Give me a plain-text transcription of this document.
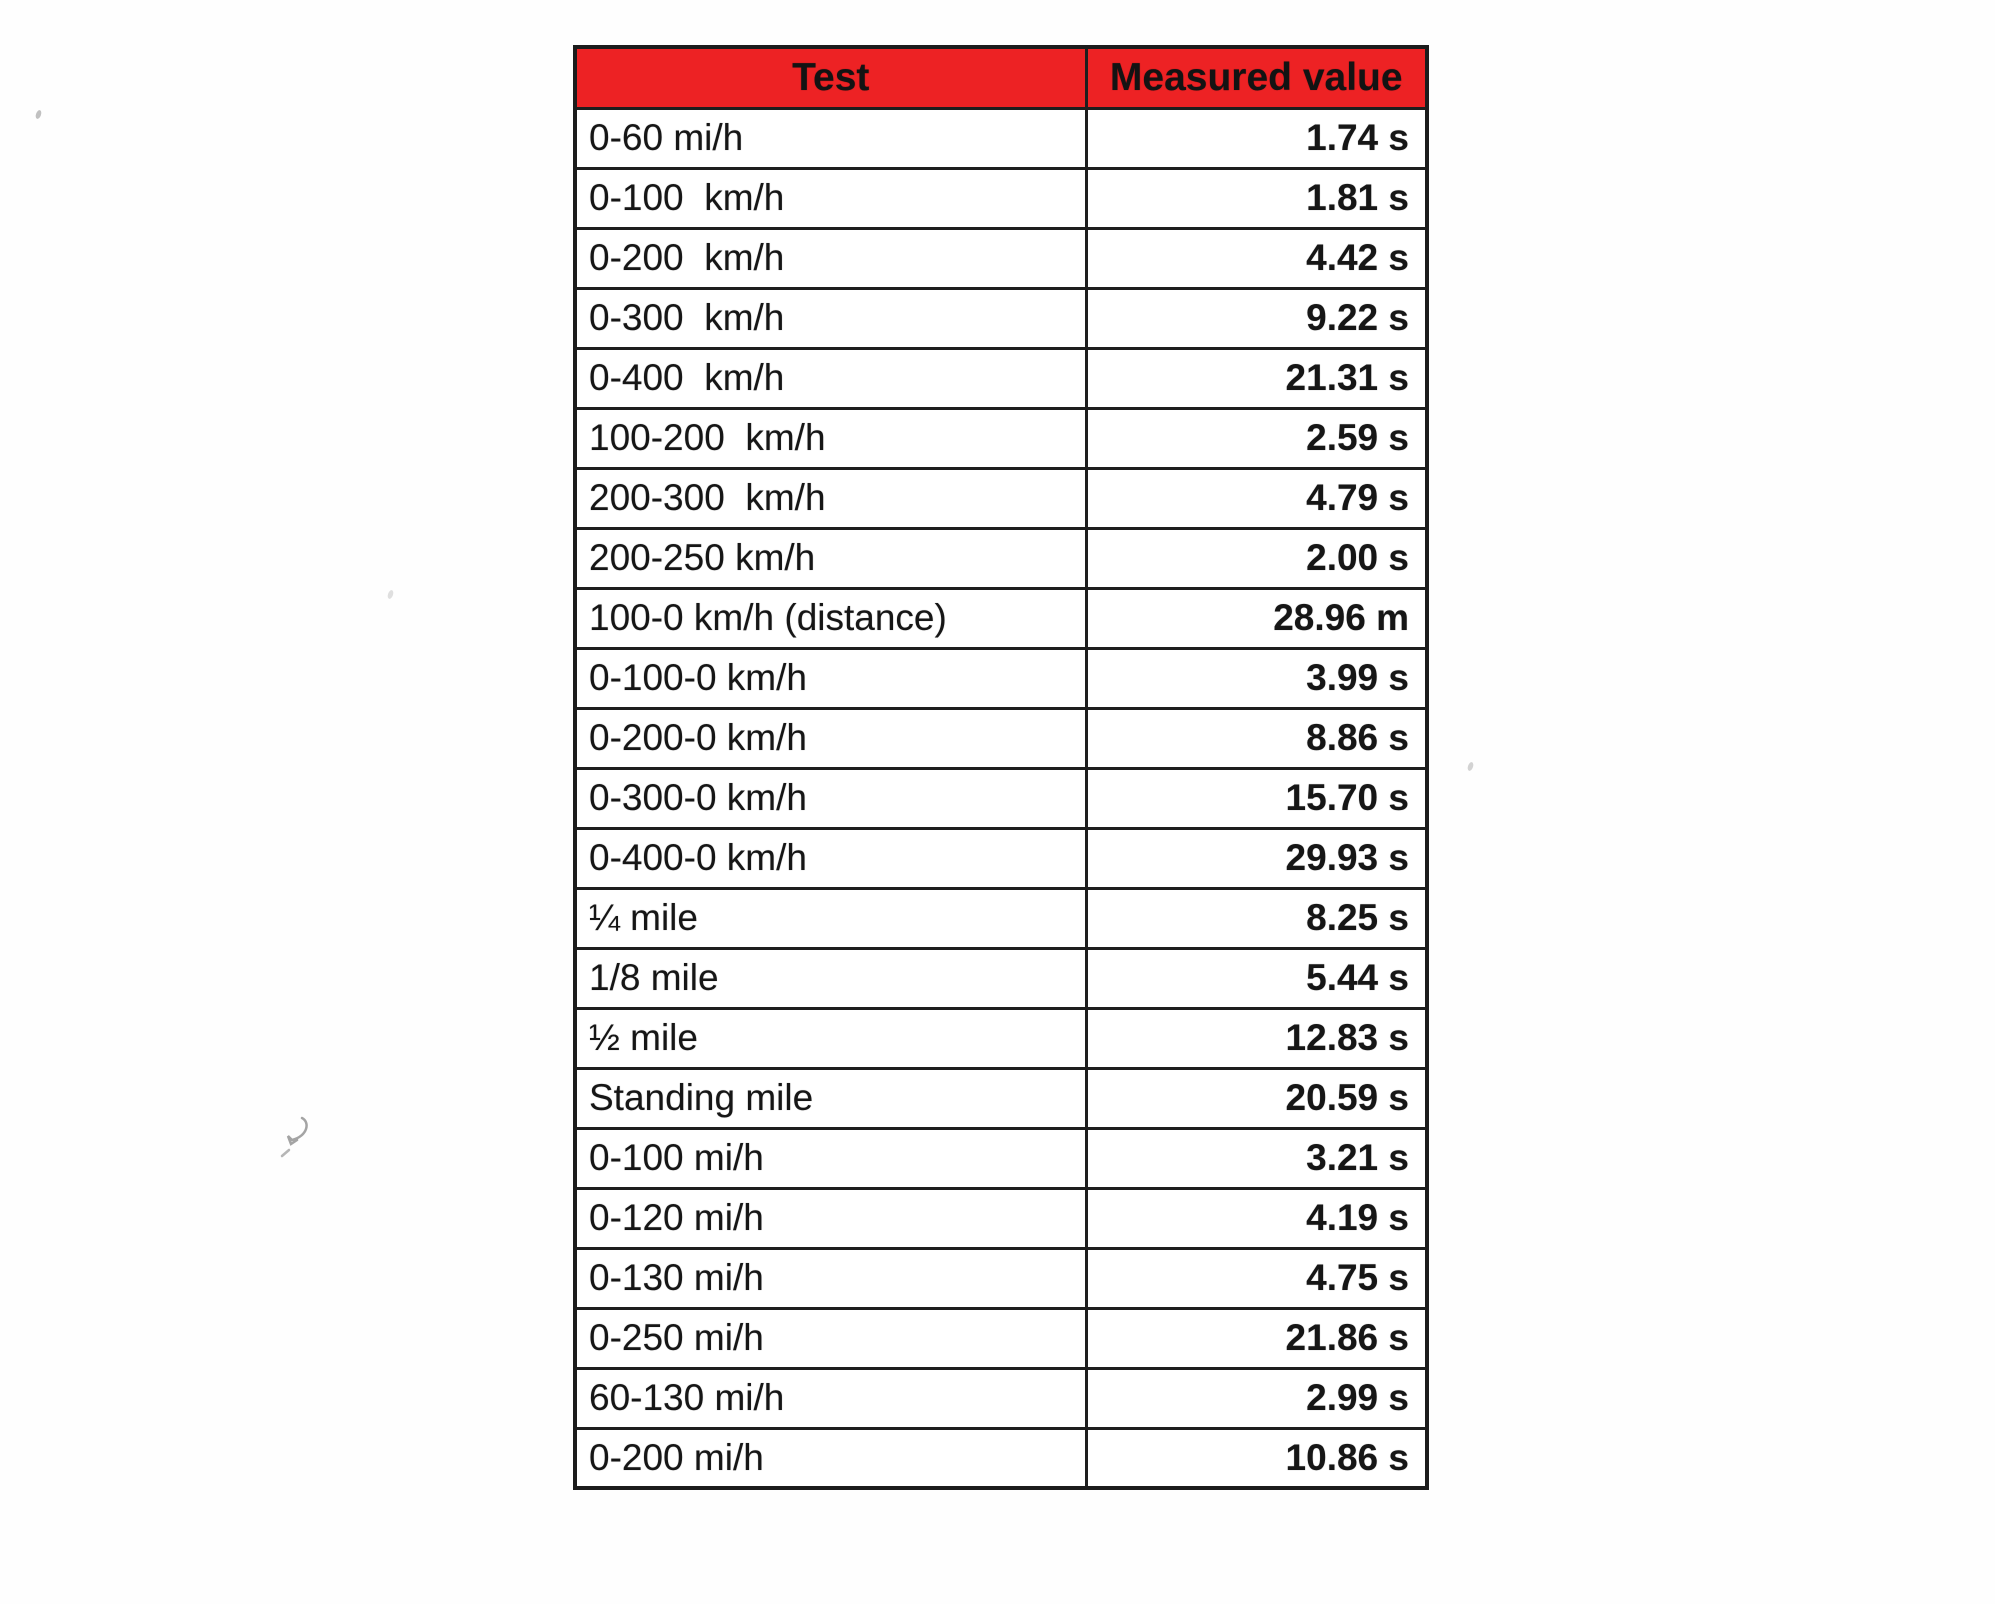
Test	Measured value
0-60 mi/h	1.74 s
0-100  km/h	1.81 s
0-200  km/h	4.42 s
0-300  km/h	9.22 s
0-400  km/h	21.31 s
100-200  km/h	2.59 s
200-300  km/h	4.79 s
200-250 km/h	2.00 s
100-0 km/h (distance)	28.96 m
0-100-0 km/h	3.99 s
0-200-0 km/h	8.86 s
0-300-0 km/h	15.70 s
0-400-0 km/h	29.93 s
¼ mile	8.25 s
1/8 mile	5.44 s
½ mile	12.83 s
Standing mile	20.59 s
0-100 mi/h	3.21 s
0-120 mi/h	4.19 s
0-130 mi/h	4.75 s
0-250 mi/h	21.86 s
60-130 mi/h	2.99 s
0-200 mi/h	10.86 s
